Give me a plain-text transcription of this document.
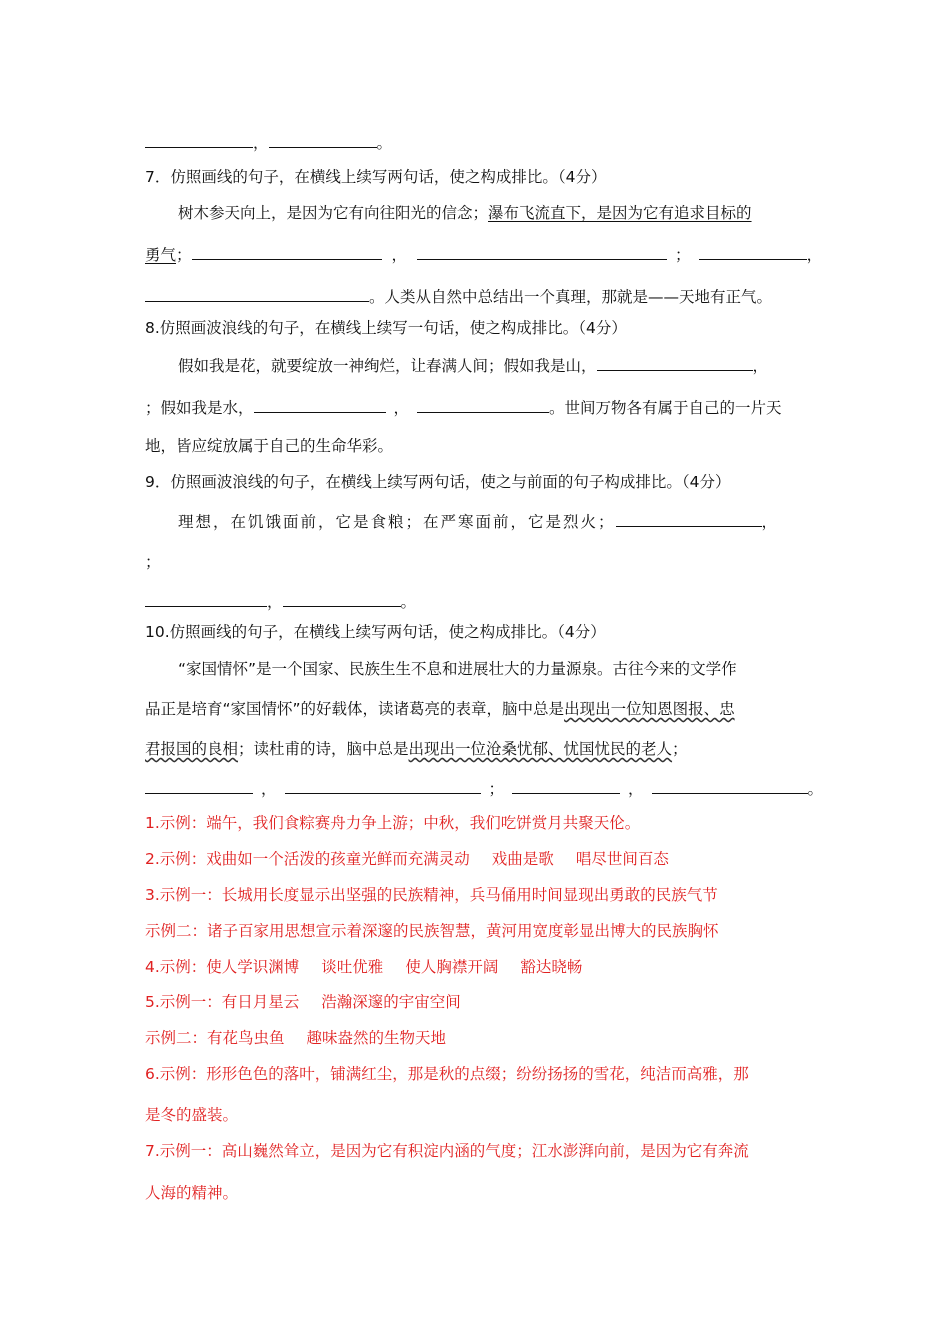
，	。
7．仿照画线的句子，在横线上续写两句话，使之构成排比。（4分）
树木参天向上，是因为它有向往阳光的信念；瀑布飞流直下，是因为它有追求目标的
勇气；	，	；	，
。人类从自然中总结出一个真理，那就是——天地有正气。
8.仿照画波浪线的句子，在横线上续写一句话，使之构成排比。（4分）
假如我是花，就要绽放一神绚烂，让春满人间；假如我是山，	，
；假如我是水，	，	。世间万物各有属于自己的一片天
地，皆应绽放属于自己的生命华彩。
9．仿照画波浪线的句子，在横线上续写两句话，使之与前面的句子构成排比。（4分）
理想，在饥饿面前，它是食粮；在严寒面前，它是烈火；	，
；
，	。
10.仿照画线的句子，在横线上续写两句话，使之构成排比。（4分）
“家国情怀”是一个国家、民族生生不息和进展壮大的力量源泉。古往今来的文学作
品正是培育“家国情怀”的好载体，读诸葛亮的表章，脑中总是出现出一位知恩图报、忠
君报国的良相；读杜甫的诗，脑中总是出现出一位沧桑忧郁、忧国忧民的老人；
，	；	，	。
1.示例：端午，我们食粽赛舟力争上游；中秋，我们吃饼赏月共聚天伦。
2.示例：戏曲如一个活泼的孩童光鲜而充满灵动 戏曲是歌 唱尽世间百态
3.示例一：长城用长度显示出坚强的民族精神，兵马俑用时间显现出勇敢的民族气节
示例二：诸子百家用思想宣示着深邃的民族智慧，黄河用宽度彰显出博大的民族胸怀
4.示例：使人学识渊博 谈吐优雅 使人胸襟开阔 豁达晓畅
5.示例一：有日月星云 浩瀚深邃的宇宙空间
示例二：有花鸟虫鱼 趣味盎然的生物天地
6.示例：形形色色的落叶，铺满红尘，那是秋的点缀；纷纷扬扬的雪花，纯洁而高雅，那
是冬的盛装。
7.示例一：高山巍然耸立，是因为它有积淀内涵的气度；江水澎湃向前，是因为它有奔流
人海的精神。
